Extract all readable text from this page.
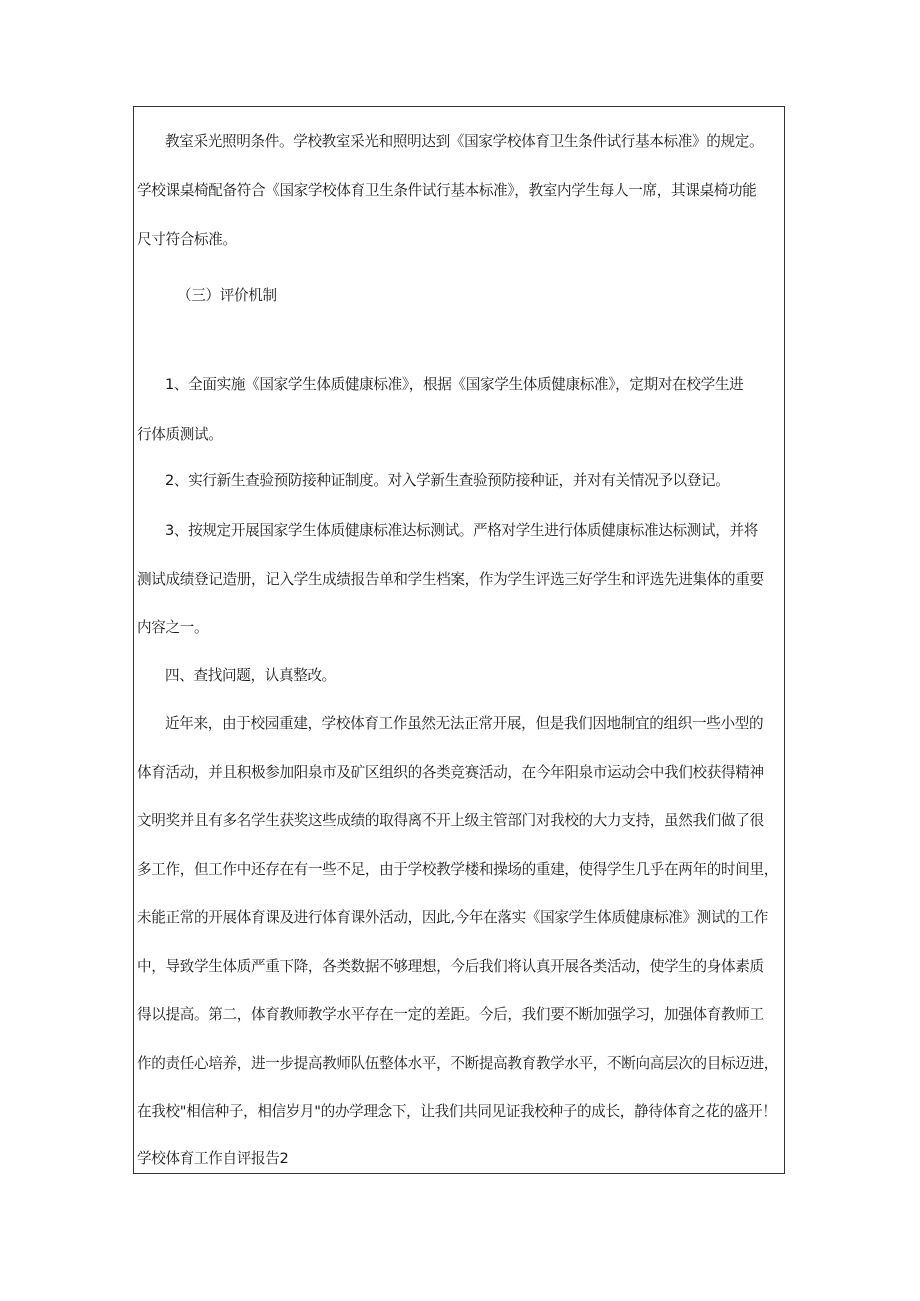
教室采光照明条件。学校教室采光和照明达到《国家学校体育卫生条件试行基本标准》的规定。
学校课桌椅配备符合《国家学校体育卫生条件试行基本标准》，教室内学生每人一席，其课桌椅功能
尺寸符合标准。
（三）评价机制
1、全面实施《国家学生体质健康标准》，根据《国家学生体质健康标准》，定期对在校学生进
行体质测试。
2、实行新生查验预防接种证制度。对入学新生查验预防接种证，并对有关情况予以登记。
3、按规定开展国家学生体质健康标准达标测试。严格对学生进行体质健康标准达标测试，并将
测试成绩登记造册，记入学生成绩报告单和学生档案，作为学生评选三好学生和评选先进集体的重要
内容之一。
四、查找问题，认真整改。
近年来，由于校园重建，学校体育工作虽然无法正常开展，但是我们因地制宜的组织一些小型的
体育活动，并且积极参加阳泉市及矿区组织的各类竞赛活动，在今年阳泉市运动会中我们校获得精神
文明奖并且有多名学生获奖这些成绩的取得离不开上级主管部门对我校的大力支持，虽然我们做了很
多工作，但工作中还存在有一些不足，由于学校教学楼和操场的重建，使得学生几乎在两年的时间里，
未能正常的开展体育课及进行体育课外活动，因此,今年在落实《国家学生体质健康标准》测试的工作
中，导致学生体质严重下降，各类数据不够理想，今后我们将认真开展各类活动，使学生的身体素质
得以提高。第二，体育教师教学水平存在一定的差距。今后，我们要不断加强学习，加强体育教师工
作的责任心培养，进一步提高教师队伍整体水平，不断提高教育教学水平，不断向高层次的目标迈进，
在我校"相信种子，相信岁月"的办学理念下，让我们共同见证我校种子的成长，静待体育之花的盛开！
学校体育工作自评报告2
